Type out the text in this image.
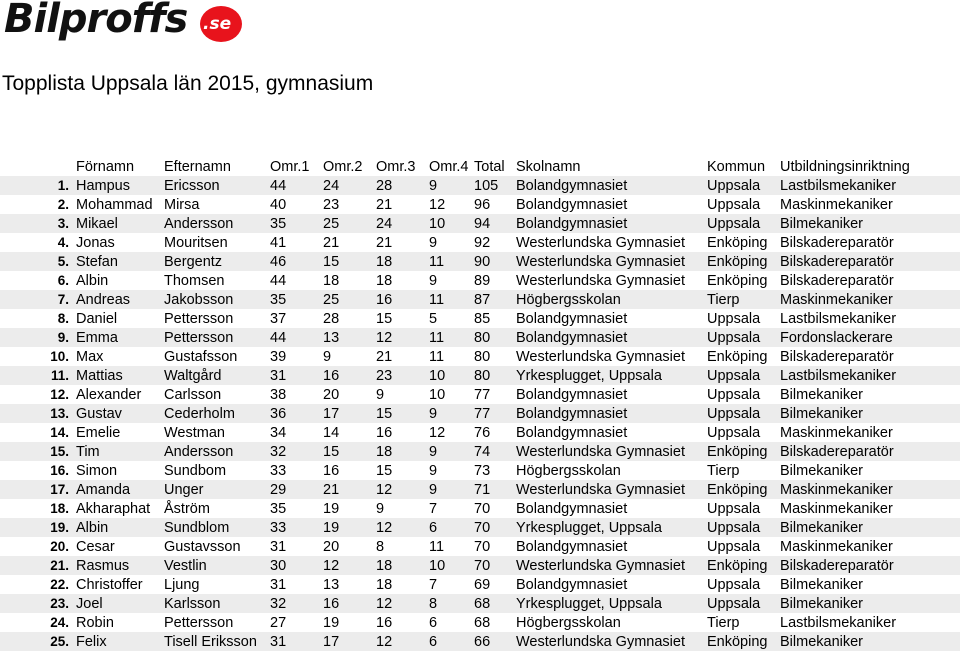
Bilproffs .se
Topplista Uppsala län 2015, gymnasium
	Förnamn	Efternamn	Omr.1	Omr.2	Omr.3	Omr.4	Total	Skolnamn	Kommun	Utbildningsinriktning
1.	Hampus	Ericsson	44	24	28	9	105	Bolandgymnasiet	Uppsala	Lastbilsmekaniker
2.	Mohammad	Mirsa	40	23	21	12	96	Bolandgymnasiet	Uppsala	Maskinmekaniker
3.	Mikael	Andersson	35	25	24	10	94	Bolandgymnasiet	Uppsala	Bilmekaniker
4.	Jonas	Mouritsen	41	21	21	9	92	Westerlundska Gymnasiet	Enköping	Bilskadereparatör
5.	Stefan	Bergentz	46	15	18	11	90	Westerlundska Gymnasiet	Enköping	Bilskadereparatör
6.	Albin	Thomsen	44	18	18	9	89	Westerlundska Gymnasiet	Enköping	Bilskadereparatör
7.	Andreas	Jakobsson	35	25	16	11	87	Högbergsskolan	Tierp	Maskinmekaniker
8.	Daniel	Pettersson	37	28	15	5	85	Bolandgymnasiet	Uppsala	Lastbilsmekaniker
9.	Emma	Pettersson	44	13	12	11	80	Bolandgymnasiet	Uppsala	Fordonslackerare
10.	Max	Gustafsson	39	9	21	11	80	Westerlundska Gymnasiet	Enköping	Bilskadereparatör
11.	Mattias	Waltgård	31	16	23	10	80	Yrkesplugget, Uppsala	Uppsala	Lastbilsmekaniker
12.	Alexander	Carlsson	38	20	9	10	77	Bolandgymnasiet	Uppsala	Bilmekaniker
13.	Gustav	Cederholm	36	17	15	9	77	Bolandgymnasiet	Uppsala	Bilmekaniker
14.	Emelie	Westman	34	14	16	12	76	Bolandgymnasiet	Uppsala	Maskinmekaniker
15.	Tim	Andersson	32	15	18	9	74	Westerlundska Gymnasiet	Enköping	Bilskadereparatör
16.	Simon	Sundbom	33	16	15	9	73	Högbergsskolan	Tierp	Bilmekaniker
17.	Amanda	Unger	29	21	12	9	71	Westerlundska Gymnasiet	Enköping	Maskinmekaniker
18.	Akharaphat	Åström	35	19	9	7	70	Bolandgymnasiet	Uppsala	Maskinmekaniker
19.	Albin	Sundblom	33	19	12	6	70	Yrkesplugget, Uppsala	Uppsala	Bilmekaniker
20.	Cesar	Gustavsson	31	20	8	11	70	Bolandgymnasiet	Uppsala	Maskinmekaniker
21.	Rasmus	Vestlin	30	12	18	10	70	Westerlundska Gymnasiet	Enköping	Bilskadereparatör
22.	Christoffer	Ljung	31	13	18	7	69	Bolandgymnasiet	Uppsala	Bilmekaniker
23.	Joel	Karlsson	32	16	12	8	68	Yrkesplugget, Uppsala	Uppsala	Bilmekaniker
24.	Robin	Pettersson	27	19	16	6	68	Högbergsskolan	Tierp	Lastbilsmekaniker
25.	Felix	Tisell Eriksson	31	17	12	6	66	Westerlundska Gymnasiet	Enköping	Bilmekaniker
